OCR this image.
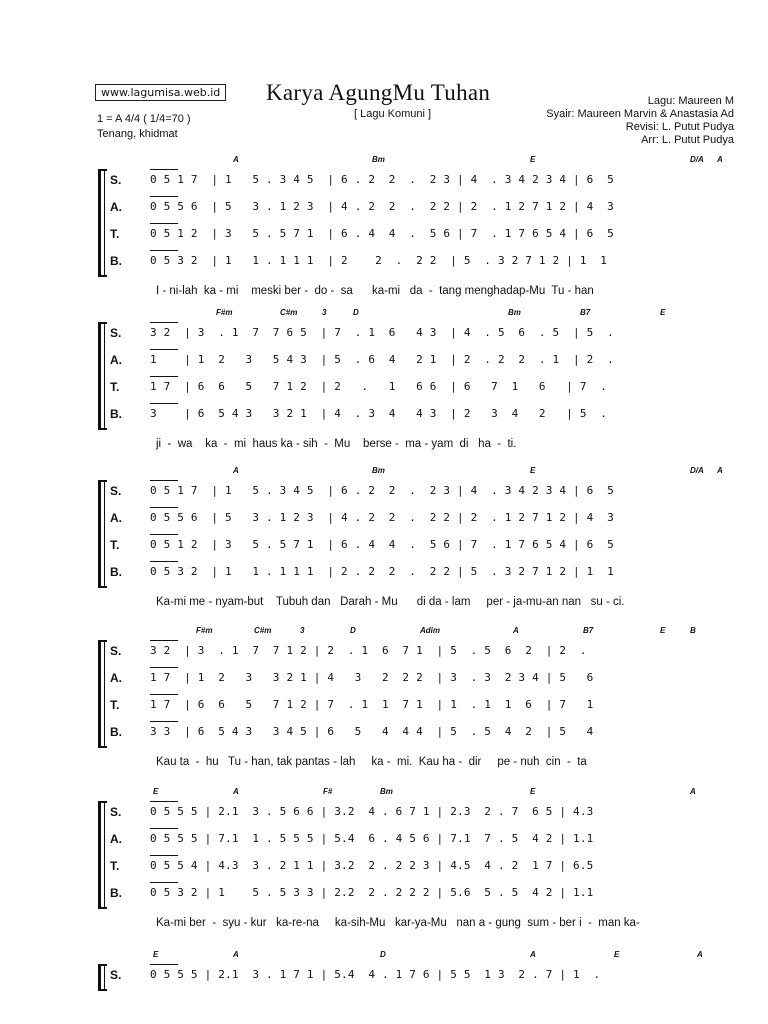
www.lagumisa.web.id Karya AgungMu Tuhan
[ Lagu Komuni ]
1 = A 4/4 ( 1/4=70 )
Tenang, khidmat
Lagu: Maureen M
Syair: Maureen Marvin & Anastasia Ad
Revisi: L. Putut Pudya
Arr: L. Putut Pudya
A	Bm	E	D/A A
S.	0 5 1 7  | 1   5 . 3 4 5  | 6 . 2  2  .  2 3 | 4  . 3 4 2 3 4 | 6  5
A.	0 5 5 6  | 5   3 . 1 2 3  | 4 . 2  2  .  2 2 | 2  . 1 2 7 1 2 | 4  3
T.	0 5 1 2  | 3   5 . 5 7 1  | 6 . 4  4  .  5 6 | 7  . 1 7 6 5 4 | 6  5
B.	0 5 3 2  | 1   1 . 1 1 1  | 2    2  .  2 2  | 5  . 3 2 7 1 2 | 1  1
I - ni-lah  ka - mi    meski ber -  do -  sa      ka-mi   da  -  tang menghadap-Mu  Tu - han
F#m	C#m	3	D	Bm	B7	E
S.	3 2  | 3  . 1  7  7 6 5  | 7  . 1  6   4 3  | 4  . 5  6  . 5  | 5  .
A.	1    | 1  2   3   5 4 3  | 5  . 6  4   2 1  | 2  . 2  2  . 1  | 2  .
T.	1 7  | 6  6   5   7 1 2  | 2   .   1   6 6  | 6   7  1   6   | 7  .
B.	3    | 6  5 4 3   3 2 1  | 4  . 3  4   4 3  | 2   3  4   2   | 5  .
ji  -  wa    ka  -  mi  haus ka - sih  -  Mu    berse -  ma - yam  di   ha  -  ti.
A	Bm	E	D/A A
S.	0 5 1 7  | 1   5 . 3 4 5  | 6 . 2  2  .  2 3 | 4  . 3 4 2 3 4 | 6  5
A.	0 5 5 6  | 5   3 . 1 2 3  | 4 . 2  2  .  2 2 | 2  . 1 2 7 1 2 | 4  3
T.	0 5 1 2  | 3   5 . 5 7 1  | 6 . 4  4  .  5 6 | 7  . 1 7 6 5 4 | 6  5
B.	0 5 3 2  | 1   1 . 1 1 1  | 2 . 2  2  .  2 2 | 5  . 3 2 7 1 2 | 1  1
Ka-mi me - nyam-but    Tubuh dan   Darah - Mu      di da - lam     per - ja-mu-an nan   su - ci.
F#m	C#m	3	D	Adim	A	B7	E	B
S.	3 2  | 3  . 1  7  7 1 2 | 2  . 1  6  7 1  | 5  . 5  6  2  | 2  .
A.	1 7  | 1  2   3   3 2 1 | 4   3   2  2 2  | 3  . 3  2 3 4 | 5   6
T.	1 7  | 6  6   5   7 1 2 | 7  . 1  1  7 1  | 1  . 1  1  6  | 7   1
B.	3 3  | 6  5 4 3   3 4 5 | 6   5   4  4 4  | 5  . 5  4  2  | 5   4
Kau ta  -  hu   Tu - han, tak pantas - lah     ka -  mi.  Kau ha -  dir     pe - nuh  cin  -  ta
E	A	F#	Bm	E	A
S.	0 5 5 5 | 2.1  3 . 5 6 6 | 3.2  4 . 6 7 1 | 2.3  2 . 7  6 5 | 4.3
A.	0 5 5 5 | 7.1  1 . 5 5 5 | 5.4  6 . 4 5 6 | 7.1  7 . 5  4 2 | 1.1
T.	0 5 5 4 | 4.3  3 . 2 1 1 | 3.2  2 . 2 2 3 | 4.5  4 . 2  1 7 | 6.5
B.	0 5 3 2 | 1    5 . 5 3 3 | 2.2  2 . 2 2 2 | 5.6  5 . 5  4 2 | 1.1
Ka-mi ber  -  syu - kur   ka-re-na     ka-sih-Mu   kar-ya-Mu   nan a - gung  sum - ber i  -  man ka-
E	A	D	A	E	A
S.	0 5 5 5 | 2.1  3 . 1 7 1 | 5.4  4 . 1 7 6 | 5 5  1 3  2 . 7 | 1  .
